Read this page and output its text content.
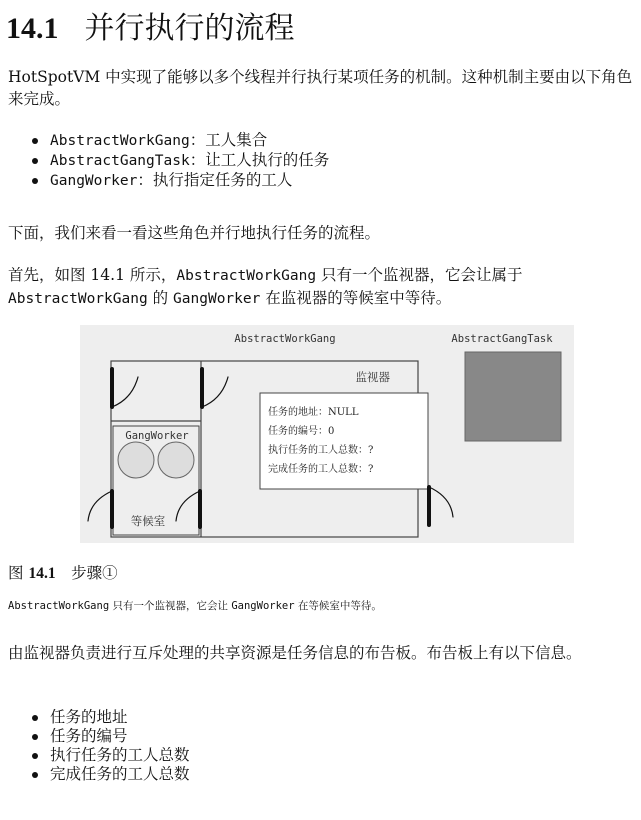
14.1 并行执行的流程

HotSpotVM 中实现了能够以多个线程并行执行某项任务的机制。这种机制主要由以下角色来完成。

AbstractWorkGang：工人集合
AbstractGangTask：让工人执行的任务
GangWorker：执行指定任务的工人

下面，我们来看一看这些角色并行地执行任务的流程。

首先，如图 14.1 所示，AbstractWorkGang 只有一个监视器，它会让属于 AbstractWorkGang 的 GangWorker 在监视器的等候室中等待。

AbstractWorkGang	AbstractGangTask
监视器
任务的地址：NULL
任务的编号：0
执行任务的工人总数：?
完成任务的工人总数：?
GangWorker
等候室

图 14.1　步骤①

AbstractWorkGang 只有一个监视器，它会让 GangWorker 在等候室中等待。

由监视器负责进行互斥处理的共享资源是任务信息的布告板。布告板上有以下信息。

任务的地址
任务的编号
执行任务的工人总数
完成任务的工人总数
